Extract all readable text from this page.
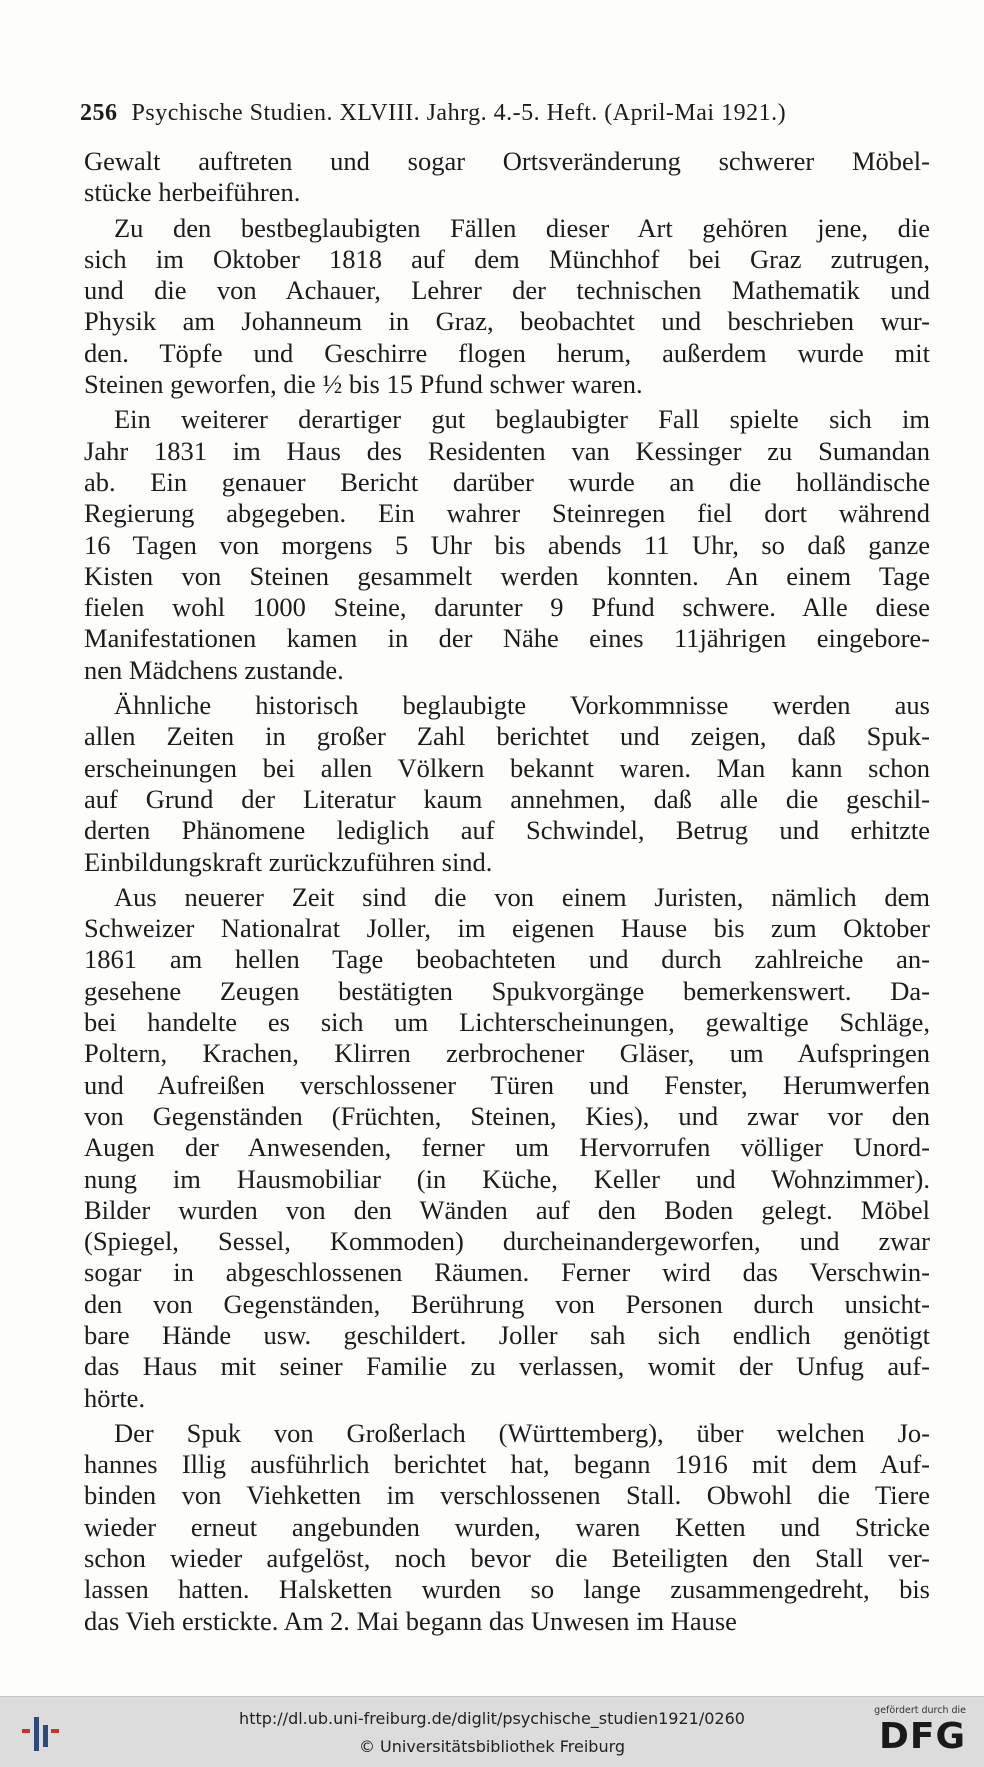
256 Psychische Studien. XLVIII. Jahrg. 4.-5. Heft. (April-Mai 1921.)
Gewalt auftreten und sogar Ortsveränderung schwerer Möbel-
stücke herbeiführen.
Zu den bestbeglaubigten Fällen dieser Art gehören jene, die
sich im Oktober 1818 auf dem Münchhof bei Graz zutrugen,
und die von Achauer, Lehrer der technischen Mathematik und
Physik am Johanneum in Graz, beobachtet und beschrieben wur-
den. Töpfe und Geschirre flogen herum, außerdem wurde mit
Steinen geworfen, die ½ bis 15 Pfund schwer waren.
Ein weiterer derartiger gut beglaubigter Fall spielte sich im
Jahr 1831 im Haus des Residenten van Kessinger zu Sumandan
ab. Ein genauer Bericht darüber wurde an die holländische
Regierung abgegeben. Ein wahrer Steinregen fiel dort während
16 Tagen von morgens 5 Uhr bis abends 11 Uhr, so daß ganze
Kisten von Steinen gesammelt werden konnten. An einem Tage
fielen wohl 1000 Steine, darunter 9 Pfund schwere. Alle diese
Manifestationen kamen in der Nähe eines 11jährigen eingebore-
nen Mädchens zustande.
Ähnliche historisch beglaubigte Vorkommnisse werden aus
allen Zeiten in großer Zahl berichtet und zeigen, daß Spuk-
erscheinungen bei allen Völkern bekannt waren. Man kann schon
auf Grund der Literatur kaum annehmen, daß alle die geschil-
derten Phänomene lediglich auf Schwindel, Betrug und erhitzte
Einbildungskraft zurückzuführen sind.
Aus neuerer Zeit sind die von einem Juristen, nämlich dem
Schweizer Nationalrat Joller, im eigenen Hause bis zum Oktober
1861 am hellen Tage beobachteten und durch zahlreiche an-
gesehene Zeugen bestätigten Spukvorgänge bemerkenswert. Da-
bei handelte es sich um Lichterscheinungen, gewaltige Schläge,
Poltern, Krachen, Klirren zerbrochener Gläser, um Aufspringen
und Aufreißen verschlossener Türen und Fenster, Herumwerfen
von Gegenständen (Früchten, Steinen, Kies), und zwar vor den
Augen der Anwesenden, ferner um Hervorrufen völliger Unord-
nung im Hausmobiliar (in Küche, Keller und Wohnzimmer).
Bilder wurden von den Wänden auf den Boden gelegt. Möbel
(Spiegel, Sessel, Kommoden) durcheinandergeworfen, und zwar
sogar in abgeschlossenen Räumen. Ferner wird das Verschwin-
den von Gegenständen, Berührung von Personen durch unsicht-
bare Hände usw. geschildert. Joller sah sich endlich genötigt
das Haus mit seiner Familie zu verlassen, womit der Unfug auf-
hörte.
Der Spuk von Großerlach (Württemberg), über welchen Jo-
hannes Illig ausführlich berichtet hat, begann 1916 mit dem Auf-
binden von Viehketten im verschlossenen Stall. Obwohl die Tiere
wieder erneut angebunden wurden, waren Ketten und Stricke
schon wieder aufgelöst, noch bevor die Beteiligten den Stall ver-
lassen hatten. Halsketten wurden so lange zusammengedreht, bis
das Vieh erstickte. Am 2. Mai begann das Unwesen im Hause
http://dl.ub.uni-freiburg.de/diglit/psychische_studien1921/0260
© Universitätsbibliothek Freiburg
gefördert durch die
DFG
